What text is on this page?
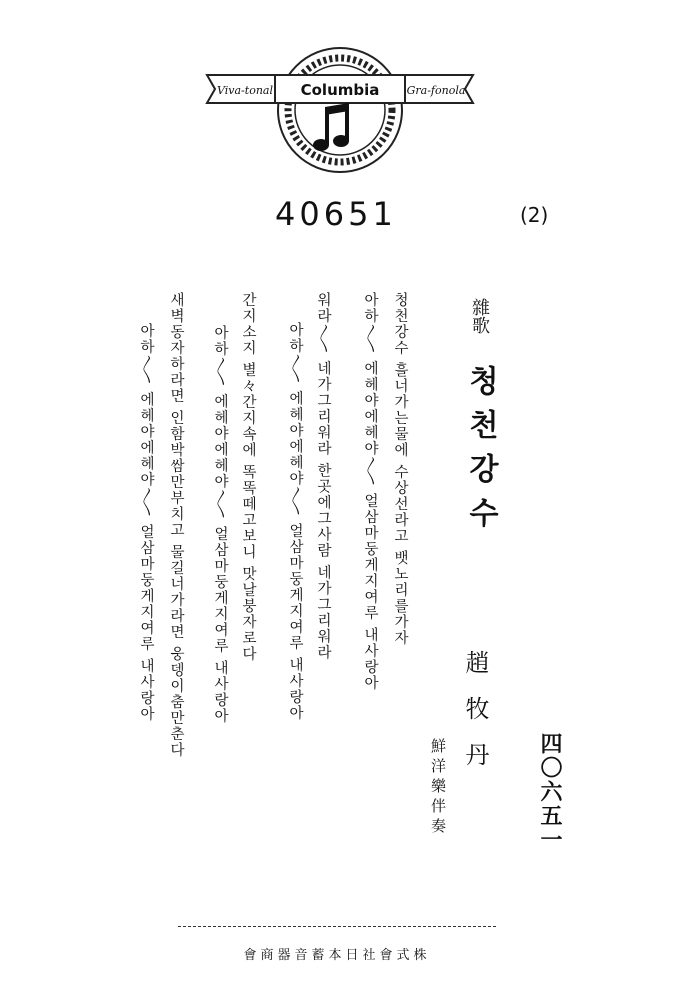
Viva-tonal Columbia Gra-fonola
40651	(2)
雜歌
청천강수
趙牧丹
鮮洋樂伴奏	四〇六五一
청천강수 흘너가는물에 수상선라고 뱃노리를가자
아하〳〵 에헤야에헤야〳〵 얼삼마둥게지여루 내사랑아
워라〳〵 네가그리워라 한곳에그사람 네가그리워라
아하〳〵 에헤야에헤야〳〵 얼삼마둥게지여루 내사랑아
간지소지 별々간지속에 똑똑떼고보니 맛날붕자로다
아하〳〵 에헤야에헤야〳〵 얼삼마둥게지여루 내사랑아
새벽동자하라면 인함박쌈만부치고 물길너가라면 웅뎅이춤만춘다
아하〳〵 에헤야에헤야〳〵 얼삼마둥게지여루 내사랑아
株式會社日本蓄音器商會
